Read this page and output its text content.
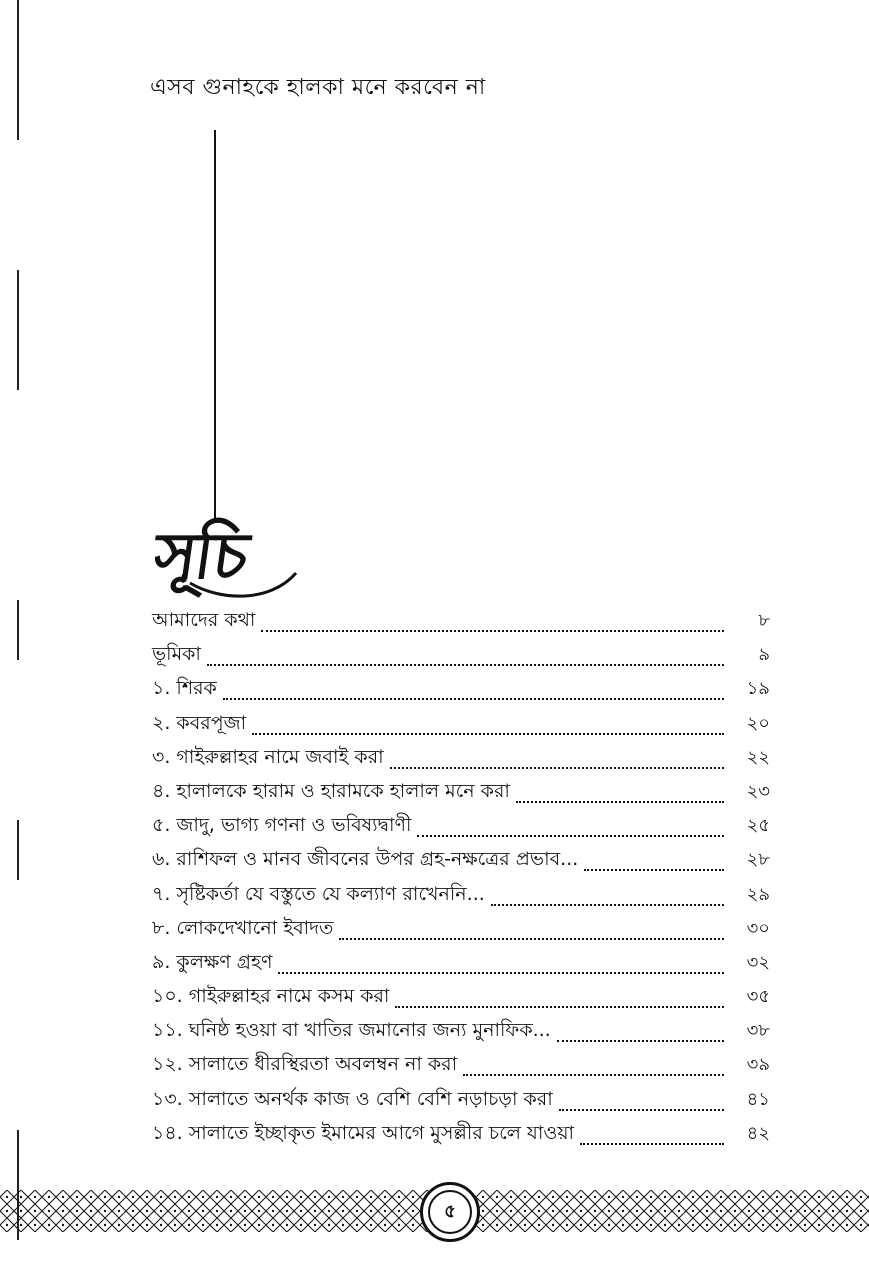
এসব গুনাহকে হালকা মনে করবেন না
সূচি
আমাদের কথা	৮
ভূমিকা	৯
১. শিরক	১৯
২. কবরপূজা	২০
৩. গাইরুল্লাহর নামে জবাই করা	২২
৪. হালালকে হারাম ও হারামকে হালাল মনে করা	২৩
৫. জাদু, ভাগ্য গণনা ও ভবিষ্যদ্বাণী	২৫
৬. রাশিফল ও মানব জীবনের উপর গ্রহ-নক্ষত্রের প্রভাব...	২৮
৭. সৃষ্টিকর্তা যে বস্তুতে যে কল্যাণ রাখেননি...	২৯
৮. লোকদেখানো ইবাদত	৩০
৯. কুলক্ষণ গ্রহণ	৩২
১০. গাইরুল্লাহর নামে কসম করা	৩৫
১১. ঘনিষ্ঠ হওয়া বা খাতির জমানোর জন্য মুনাফিক...	৩৮
১২. সালাতে ধীরস্থিরতা অবলম্বন না করা	৩৯
১৩. সালাতে অনর্থক কাজ ও বেশি বেশি নড়াচড়া করা	৪১
১৪. সালাতে ইচ্ছাকৃত ইমামের আগে মুসল্লীর চলে যাওয়া	৪২
৫
